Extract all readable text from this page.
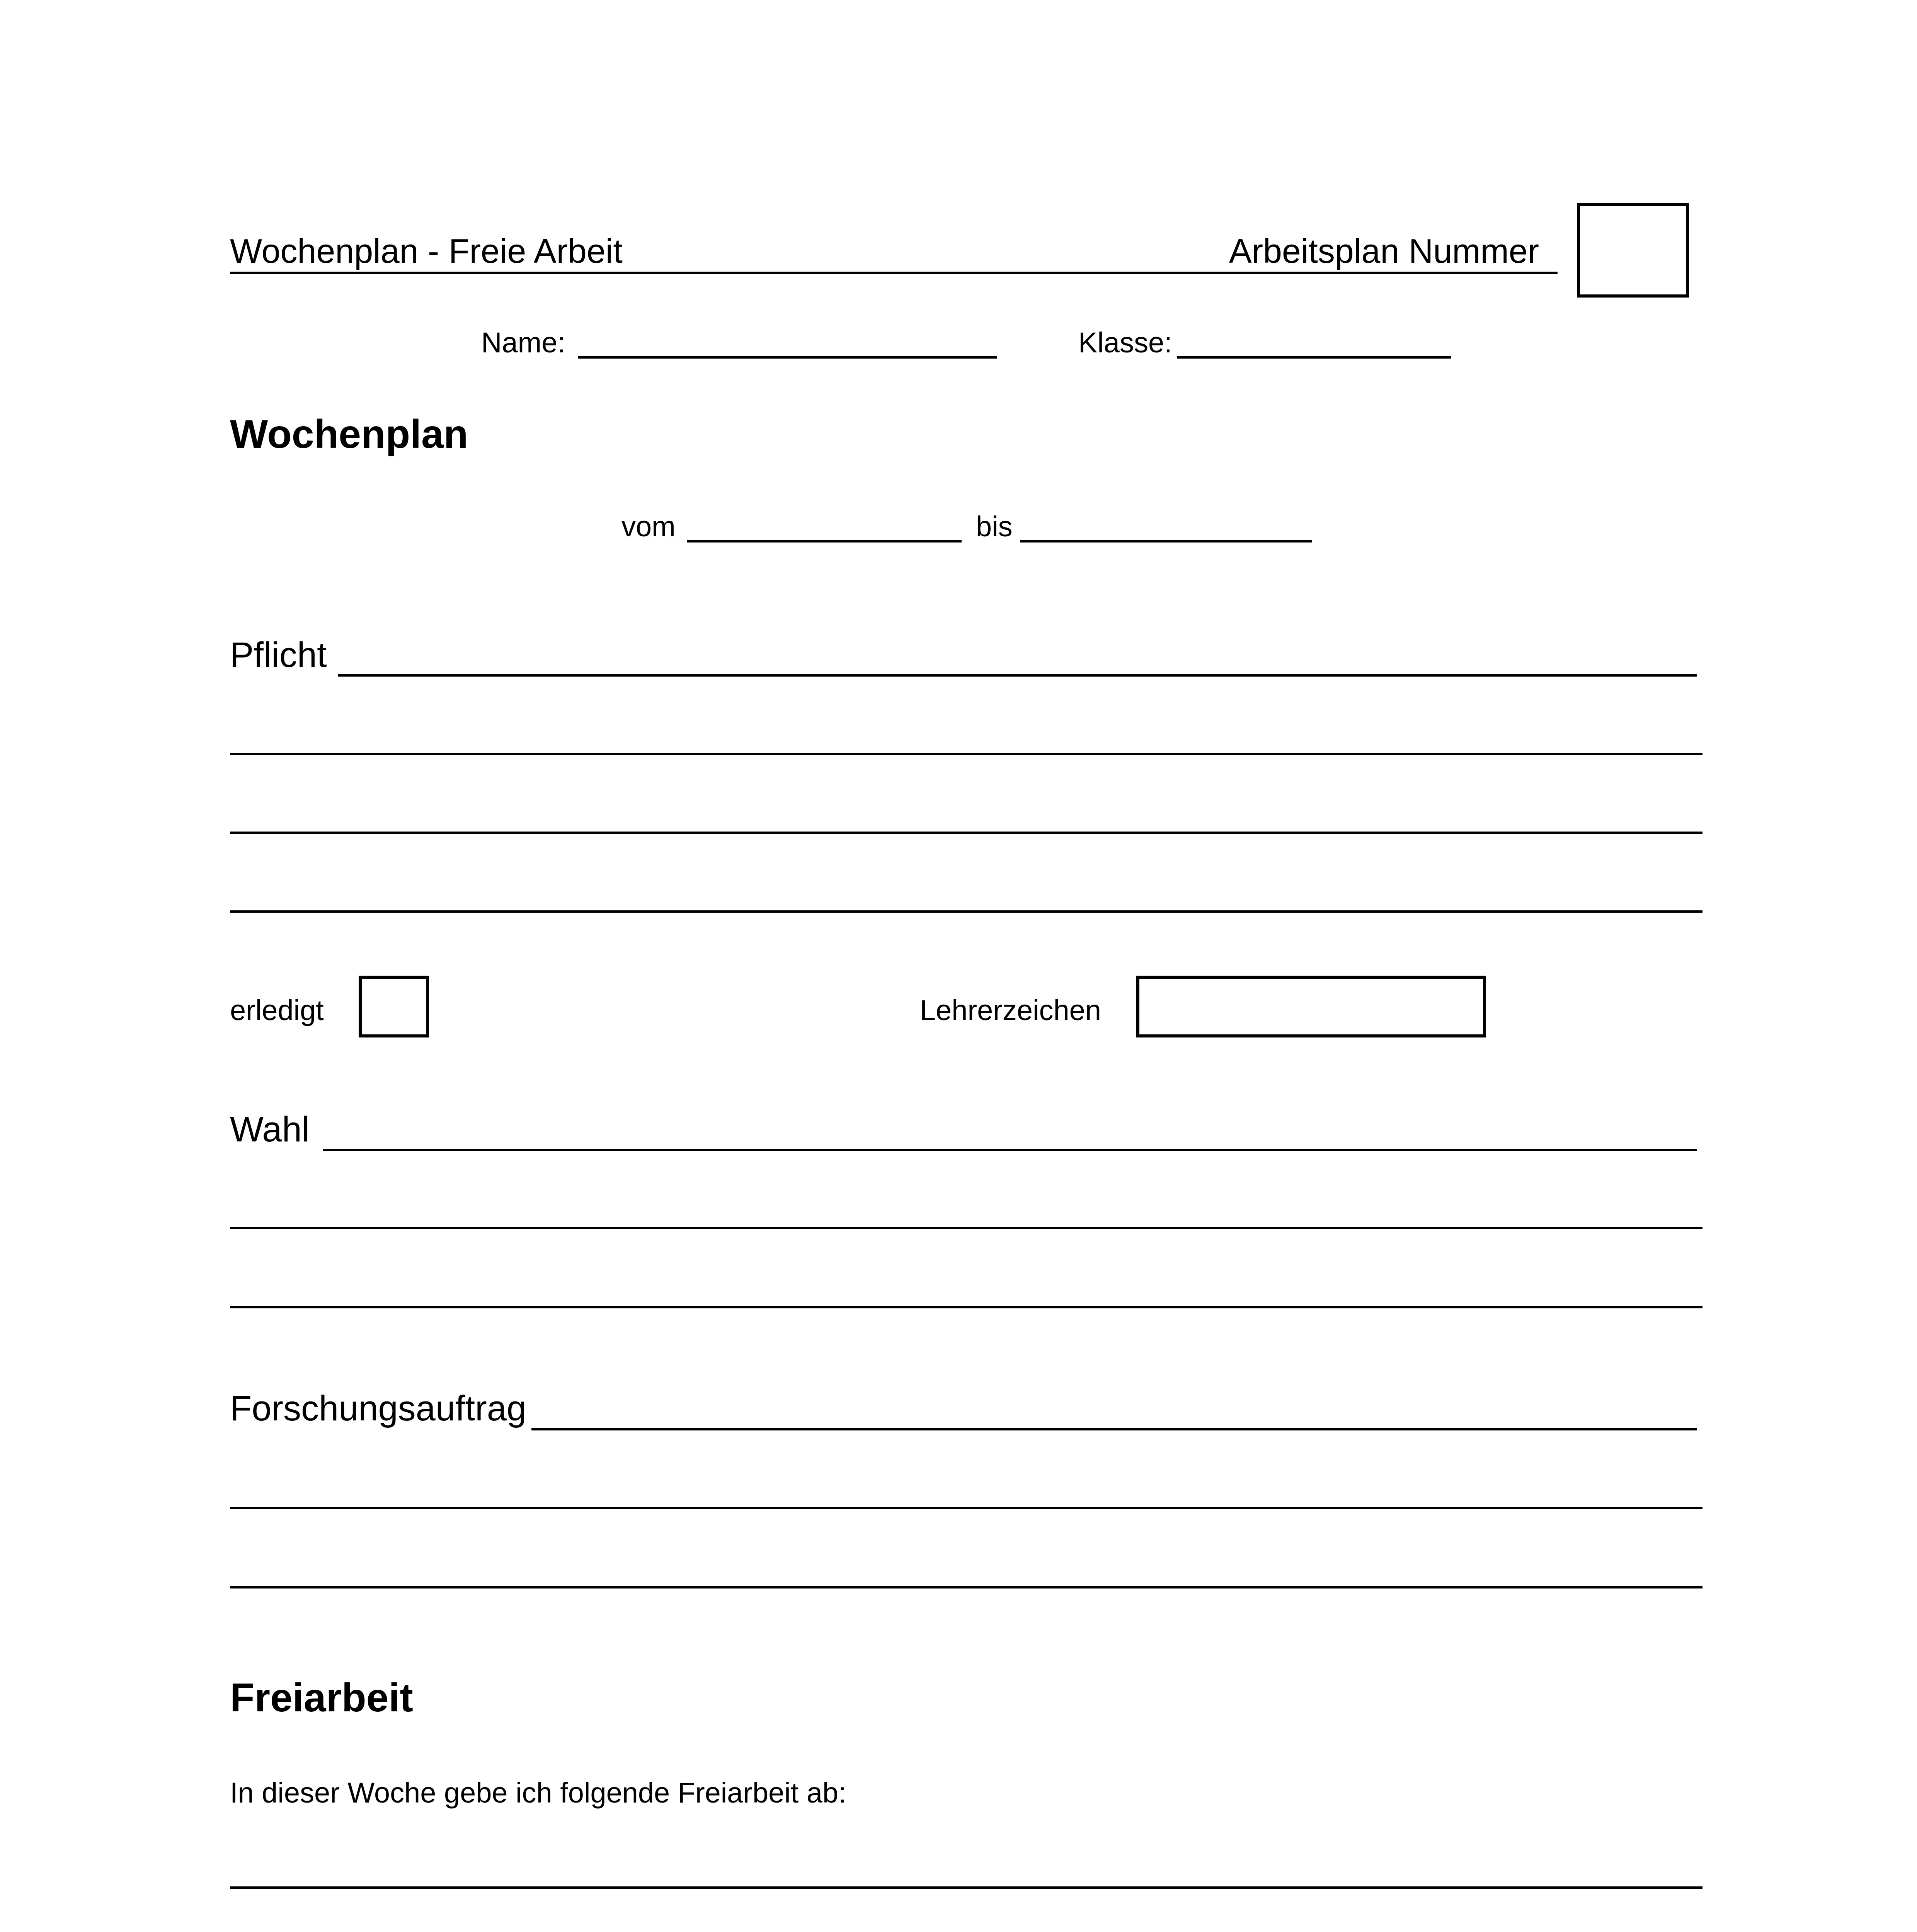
Wochenplan - Freie Arbeit	Arbeitsplan Nummer
Name:	Klasse:
Wochenplan
vom	bis
Pflicht
erledigt	Lehrerzeichen
Wahl
Forschungsauftrag
Freiarbeit
In dieser Woche gebe ich folgende Freiarbeit ab:
